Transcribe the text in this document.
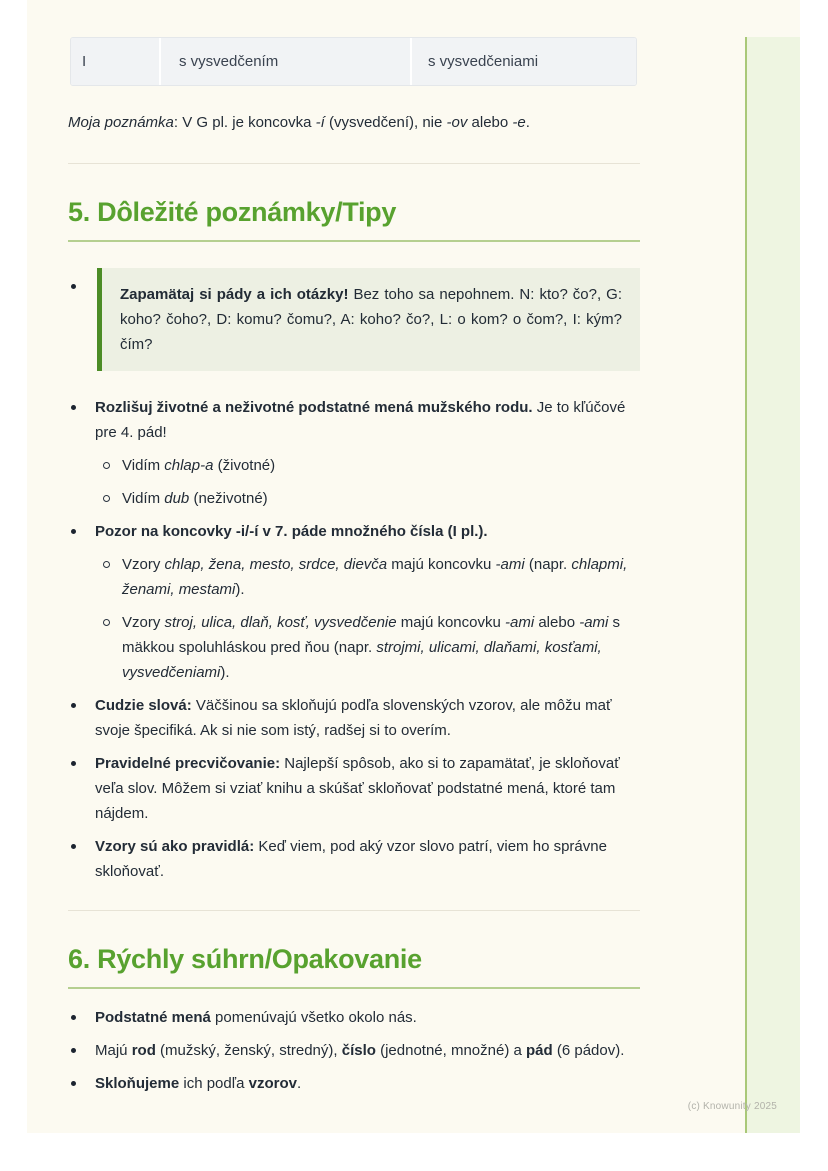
I	s vysvedčením	s vysvedčeniami

Moja poznámka: V G pl. je koncovka -í (vysvedčení), nie -ov alebo -e.

5. Dôležité poznámky/Tipy
Zapamätaj si pády a ich otázky! Bez toho sa nepohnem. N: kto? čo?, G: koho? čoho?, D: komu? čomu?, A: koho? čo?, L: o kom? o čom?, I: kým? čím?

Rozlišuj životné a neživotné podstatné mená mužského rodu. Je to kľúčové pre 4. pád!

Vidím chlap-a (životné)

Vidím dub (neživotné)

Pozor na koncovky -i/-í v 7. páde množného čísla (I pl.).

Vzory chlap, žena, mesto, srdce, dievča majú koncovku -ami (napr. chlapmi, ženami, mestami).

Vzory stroj, ulica, dlaň, kosť, vysvedčenie majú koncovku -ami alebo -ami s mäkkou spoluhláskou pred ňou (napr. strojmi, ulicami, dlaňami, kosťami, vysvedčeniami).

Cudzie slová: Väčšinou sa skloňujú podľa slovenských vzorov, ale môžu mať svoje špecifiká. Ak si nie som istý, radšej si to overím.

Pravidelné precvičovanie: Najlepší spôsob, ako si to zapamätať, je skloňovať veľa slov. Môžem si vziať knihu a skúšať skloňovať podstatné mená, ktoré tam nájdem.

Vzory sú ako pravidlá: Keď viem, pod aký vzor slovo patrí, viem ho správne skloňovať.

6. Rýchly súhrn/Opakovanie

Podstatné mená pomenúvajú všetko okolo nás.

Majú rod (mužský, ženský, stredný), číslo (jednotné, množné) a pád (6 pádov).

Skloňujeme ich podľa vzorov.

(c) Knowunity 2025
